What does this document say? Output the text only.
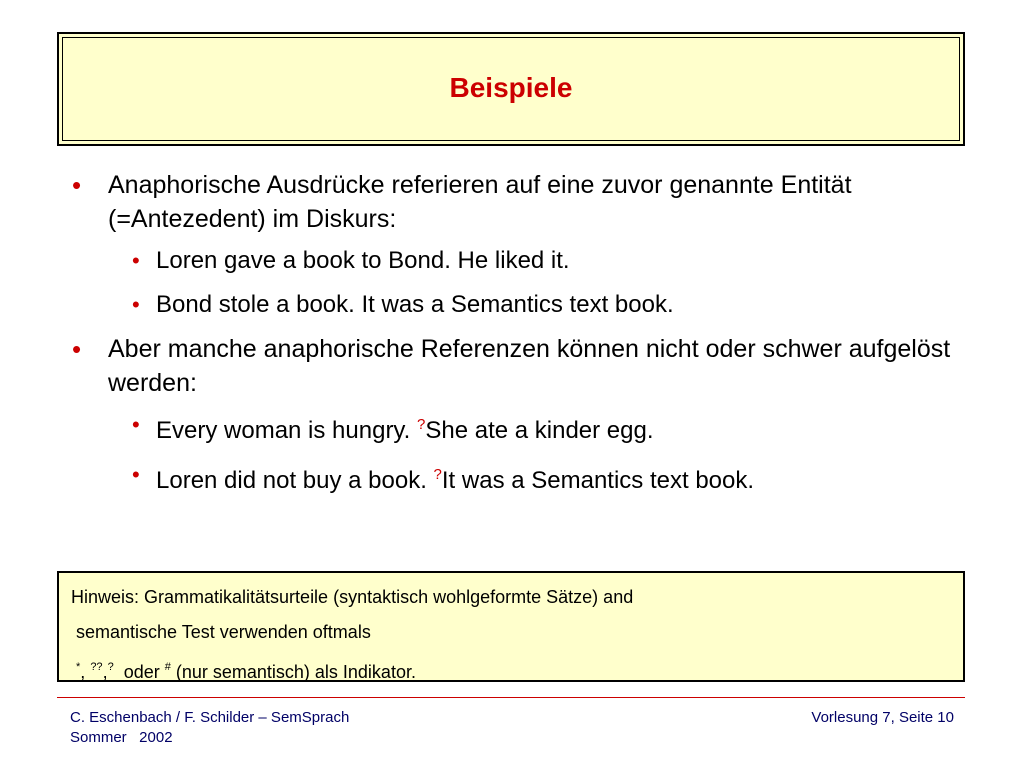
Beispiele
• Anaphorische Ausdrücke referieren auf eine zuvor genannte Entität (=Antezedent) im Diskurs:
• Loren gave a book to Bond. He liked it.
• Bond stole a book. It was a Semantics text book.
• Aber manche anaphorische Referenzen können nicht oder schwer aufgelöst werden:
• Every woman is hungry. ?She ate a kinder egg.
• Loren did not buy a book. ?It was a Semantics text book.
Hinweis: Grammatikalitätsurteile (syntaktisch wohlgeformte Sätze) and
semantische Test verwenden oftmals
*, ??,?  oder # (nur semantisch) als Indikator.
C. Eschenbach / F. Schilder – SemSprach
Sommer   2002
Vorlesung 7, Seite 10
